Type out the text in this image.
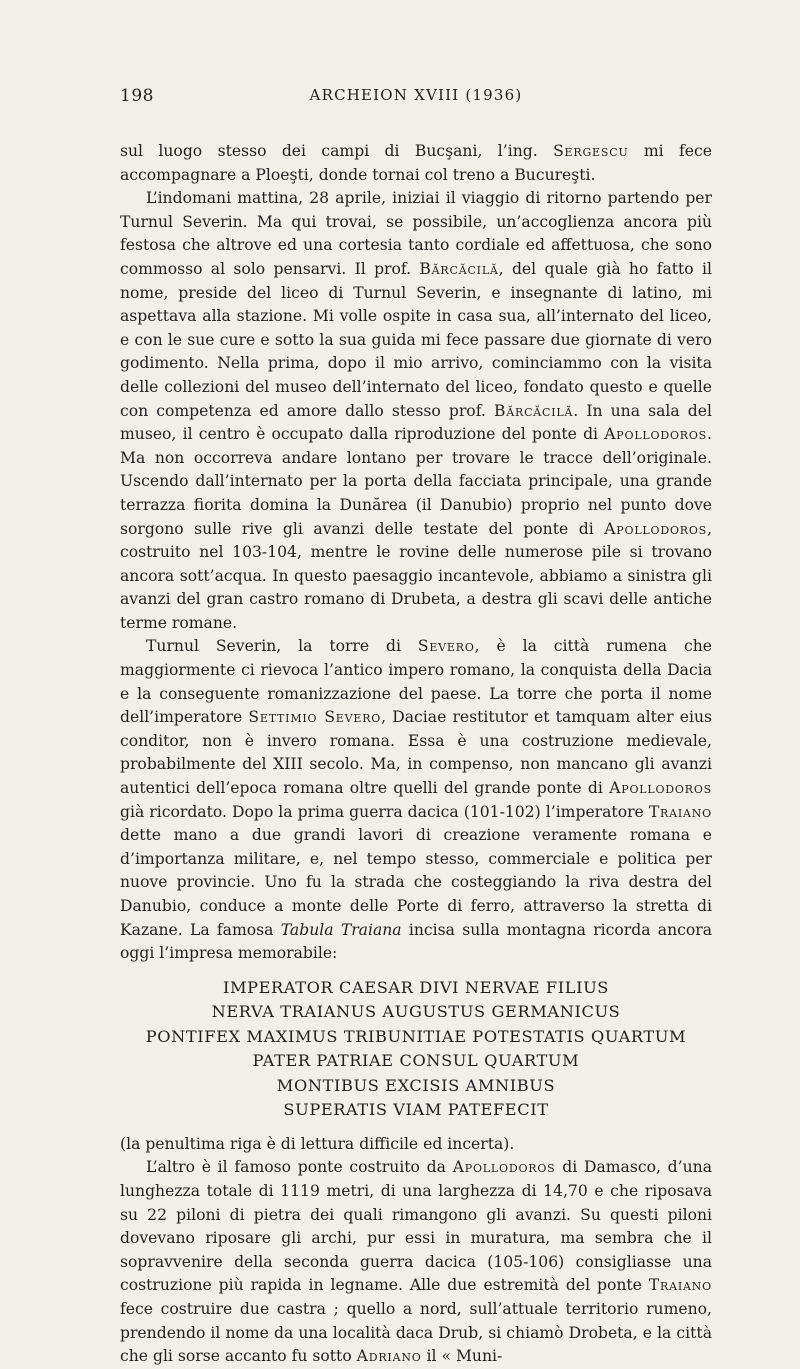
198	ARCHEION XVIII (1936)

sul luogo stesso dei campi di Bucşani, l’ing. Sergescu mi fece accompagnare a Ploeşti, donde tornai col treno a Bucureşti.

L’indomani mattina, 28 aprile, iniziai il viaggio di ritorno partendo per Turnul Severin. Ma qui trovai, se possibile, un’accoglienza ancora più festosa che altrove ed una cortesia tanto cordiale ed affettuosa, che sono commosso al solo pensarvi. Il prof. Bărcăcilă, del quale già ho fatto il nome, preside del liceo di Turnul Severin, e insegnante di latino, mi aspettava alla stazione. Mi volle ospite in casa sua, all’internato del liceo, e con le sue cure e sotto la sua guida mi fece passare due giornate di vero godimento. Nella prima, dopo il mio arrivo, cominciammo con la visita delle collezioni del museo dell’internato del liceo, fondato questo e quelle con competenza ed amore dallo stesso prof. Bărcăcilă. In una sala del museo, il centro è occupato dalla riproduzione del ponte di Apollodoros. Ma non occorreva andare lontano per trovare le tracce dell’originale. Uscendo dall’internato per la porta della facciata principale, una grande terrazza fiorita domina la Dunărea (il Danubio) proprio nel punto dove sorgono sulle rive gli avanzi delle testate del ponte di Apollodoros, costruito nel 103-104, mentre le rovine delle numerose pile si trovano ancora sott’acqua. In questo paesaggio incantevole, abbiamo a sinistra gli avanzi del gran castro romano di Drubeta, a destra gli scavi delle antiche terme romane.

Turnul Severin, la torre di Severo, è la città rumena che maggiormente ci rievoca l’antico impero romano, la conquista della Dacia e la conseguente romanizzazione del paese. La torre che porta il nome dell’imperatore Settimio Severo, Daciae restitutor et tamquam alter eius conditor, non è invero romana. Essa è una costruzione medievale, probabilmente del XIII secolo. Ma, in compenso, non mancano gli avanzi autentici dell’epoca romana oltre quelli del grande ponte di Apollodoros già ricordato. Dopo la prima guerra dacica (101-102) l’imperatore Traiano dette mano a due grandi lavori di creazione veramente romana e d’importanza militare, e, nel tempo stesso, commerciale e politica per nuove provincie. Uno fu la strada che costeggiando la riva destra del Danubio, conduce a monte delle Porte di ferro, attraverso la stretta di Kazane. La famosa Tabula Traiana incisa sulla montagna ricorda ancora oggi l’impresa memorabile:

IMPERATOR CAESAR DIVI NERVAE FILIUS
NERVA TRAIANUS AUGUSTUS GERMANICUS
PONTIFEX MAXIMUS TRIBUNITIAE POTESTATIS QUARTUM
PATER PATRIAE CONSUL QUARTUM
MONTIBUS EXCISIS AMNIBUS
SUPERATIS VIAM PATEFECIT

(la penultima riga è di lettura difficile ed incerta).

L’altro è il famoso ponte costruito da Apollodoros di Damasco, d’una lunghezza totale di 1119 metri, di una larghezza di 14,70 e che riposava su 22 piloni di pietra dei quali rimangono gli avanzi. Su questi piloni dovevano riposare gli archi, pur essi in muratura, ma sembra che il sopravvenire della seconda guerra dacica (105-106) consigliasse una costruzione più rapida in legname. Alle due estremità del ponte Traiano fece costruire due castra ; quello a nord, sull’attuale territorio rumeno, prendendo il nome da una località daca Drub, si chiamò Drobeta, e la città che gli sorse accanto fu sotto Adriano il « Muni-
